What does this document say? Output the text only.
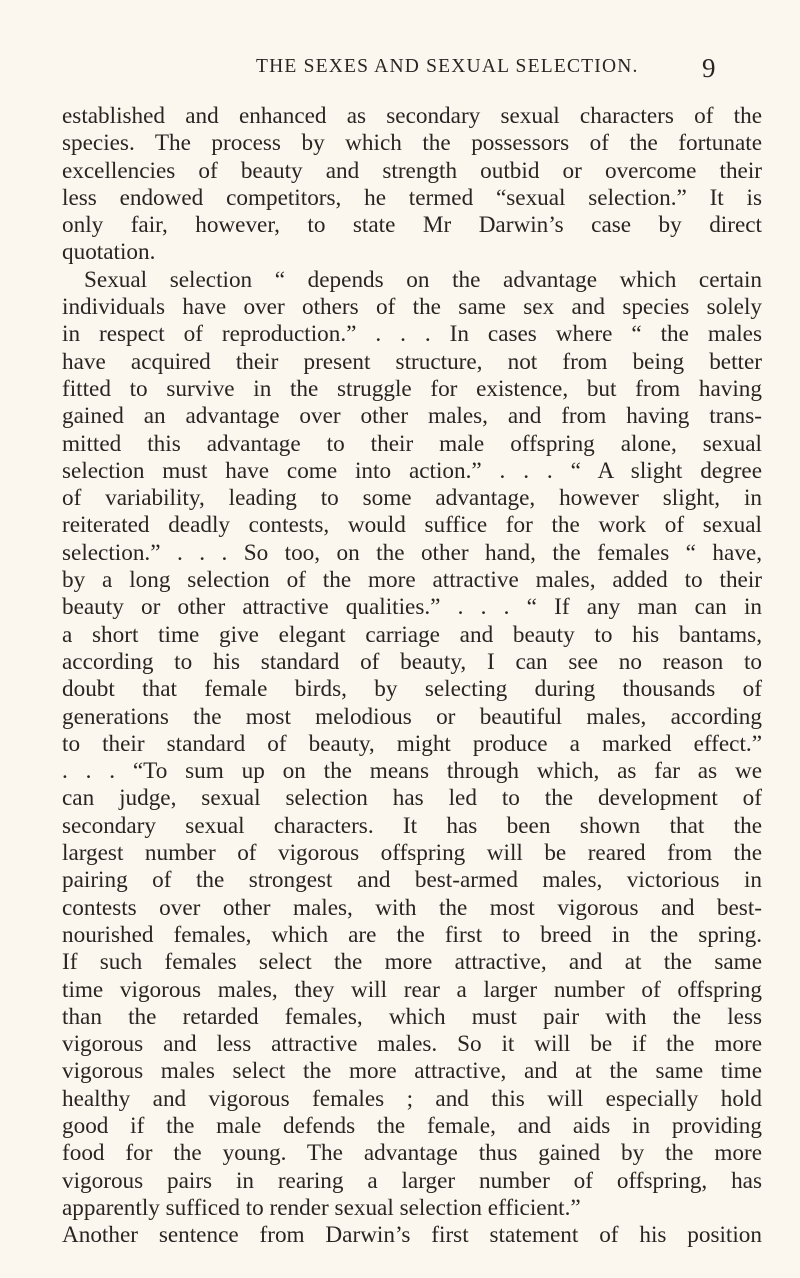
THE SEXES AND SEXUAL SELECTION. 9
established and enhanced as secondary sexual characters of the
species. The process by which the possessors of the fortunate
excellencies of beauty and strength outbid or overcome their
less endowed competitors, he termed “sexual selection.” It is
only fair, however, to state Mr Darwin’s case by direct
quotation.
Sexual selection “ depends on the advantage which certain
individuals have over others of the same sex and species solely
in respect of reproduction.” . . . In cases where “ the males
have acquired their present structure, not from being better
fitted to survive in the struggle for existence, but from having
gained an advantage over other males, and from having trans-
mitted this advantage to their male offspring alone, sexual
selection must have come into action.” . . . “ A slight degree
of variability, leading to some advantage, however slight, in
reiterated deadly contests, would suffice for the work of sexual
selection.” . . . So too, on the other hand, the females “ have,
by a long selection of the more attractive males, added to their
beauty or other attractive qualities.” . . . “ If any man can in
a short time give elegant carriage and beauty to his bantams,
according to his standard of beauty, I can see no reason to
doubt that female birds, by selecting during thousands of
generations the most melodious or beautiful males, according
to their standard of beauty, might produce a marked effect.”
. . . “To sum up on the means through which, as far as we
can judge, sexual selection has led to the development of
secondary sexual characters. It has been shown that the
largest number of vigorous offspring will be reared from the
pairing of the strongest and best-armed males, victorious in
contests over other males, with the most vigorous and best-
nourished females, which are the first to breed in the spring.
If such females select the more attractive, and at the same
time vigorous males, they will rear a larger number of offspring
than the retarded females, which must pair with the less
vigorous and less attractive males. So it will be if the more
vigorous males select the more attractive, and at the same time
healthy and vigorous females ; and this will especially hold
good if the male defends the female, and aids in providing
food for the young. The advantage thus gained by the more
vigorous pairs in rearing a larger number of offspring, has
apparently sufficed to render sexual selection efficient.”
Another sentence from Darwin’s first statement of his position
